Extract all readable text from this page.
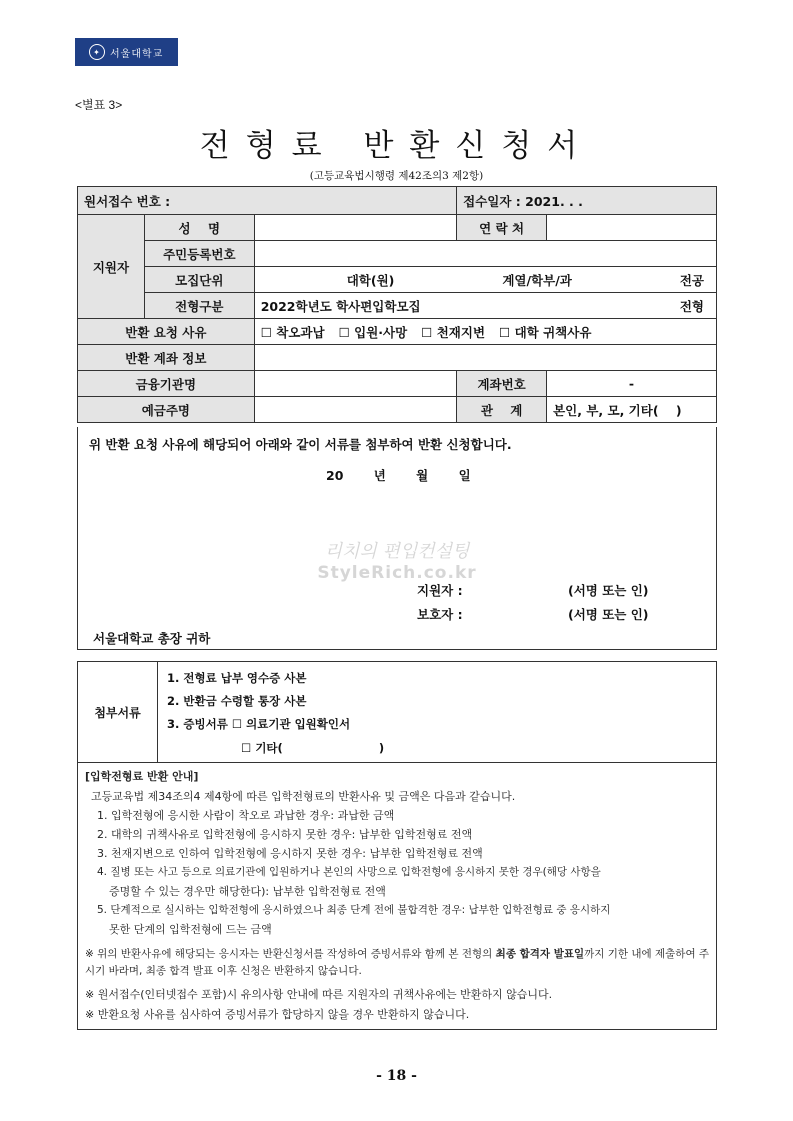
✦ 서울대학교
<별표 3>
전형료 반환신청서
(고등교육법시행령 제42조의3 제2항)
원서접수 번호 :			접수일자 : 2021. . .	
지원자	성    명		연 락 처	
	주민등록번호			
	모집단위	대학(원) 계열/학부/과 전공		

	전형구분	2022학년도 학사편입학모집 전형		

반환 요청 사유		☐ 착오과납 ☐ 입원·사망 ☐ 천재지변 ☐ 대학 귀책사유		

반환 계좌 정보				
금융기관명			계좌번호	-
예금주명			관    계	본인, 부, 모, 기타(    )
위 반환 요청 사유에 해당되어 아래와 같이 서류를 첨부하여 반환 신청합니다.
20 년 월 일
리치의 편입컨설팅
StyleRich.co.kr
지원자 :	(서명 또는 인)
보호자 :	(서명 또는 인)
서울대학교 총장 귀하
첨부서류
1. 전형료 납부 영수증 사본
2. 반환금 수령할 통장 사본
3. 증빙서류 ☐ 의료기관 입원확인서
☐ 기타(                        )
[입학전형료 반환 안내]
고등교육법 제34조의4 제4항에 따른 입학전형료의 반환사유 및 금액은 다음과 같습니다.
1. 입학전형에 응시한 사람이 착오로 과납한 경우: 과납한 금액
2. 대학의 귀책사유로 입학전형에 응시하지 못한 경우: 납부한 입학전형료 전액
3. 천재지변으로 인하여 입학전형에 응시하지 못한 경우: 납부한 입학전형료 전액
4. 질병 또는 사고 등으로 의료기관에 입원하거나 본인의 사망으로 입학전형에 응시하지 못한 경우(해당 사항을
증명할 수 있는 경우만 해당한다): 납부한 입학전형료 전액
5. 단계적으로 실시하는 입학전형에 응시하였으나 최종 단계 전에 불합격한 경우: 납부한 입학전형료 중 응시하지
못한 단계의 입학전형에 드는 금액
※ 위의 반환사유에 해당되는 응시자는 반환신청서를 작성하여 증빙서류와 함께 본 전형의 최종 합격자 발표일까지 기한 내에 제출하여 주시기 바라며, 최종 합격 발표 이후 신청은 반환하지 않습니다.
※ 원서접수(인터넷접수 포함)시 유의사항 안내에 따른 지원자의 귀책사유에는 반환하지 않습니다.
※ 반환요청 사유를 심사하여 증빙서류가 합당하지 않을 경우 반환하지 않습니다.
- 18 -
